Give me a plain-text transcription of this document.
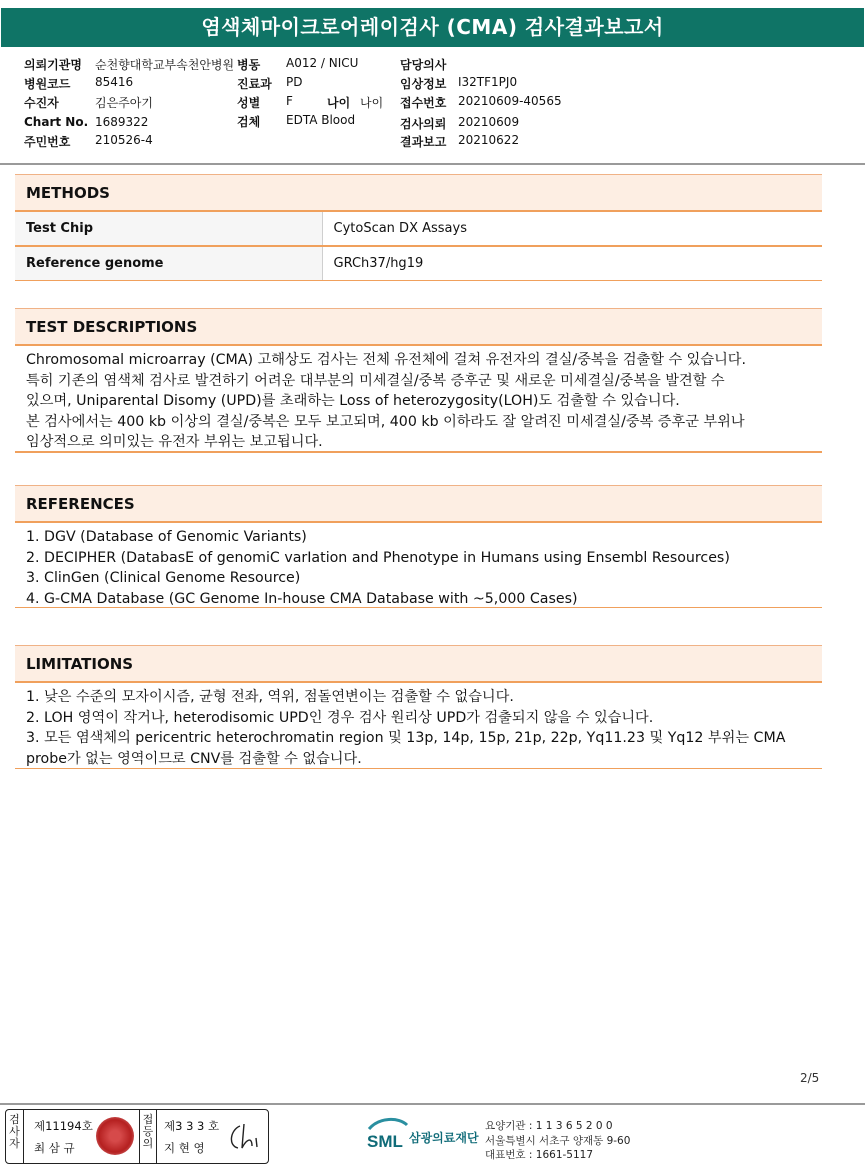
염색체마이크로어레이검사 (CMA) 검사결과보고서
의뢰기관명 순천향대학교부속천안병원
병원코드 85416
수진자	김은주아기
Chart No. 1689322
주민번호 210526-4
병동 A012 / NICU
진료과 PD
성별 F	나이 나이
검체 EDTA Blood
담당의사
임상정보 I32TF1PJ0
접수번호 20210609-40565
검사의뢰 20210609
결과보고 20210622
METHODS
Test Chip	CytoScan DX Assays
Reference genome	GRCh37/hg19
TEST DESCRIPTIONS
Chromosomal microarray (CMA) 고해상도 검사는 전체 유전체에 걸쳐 유전자의 결실/중복을 검출할 수 있습니다.
특히 기존의 염색체 검사로 발견하기 어려운 대부분의 미세결실/중복 증후군 및 새로운 미세결실/중복을 발견할 수
있으며, Uniparental Disomy (UPD)를 초래하는 Loss of heterozygosity(LOH)도 검출할 수 있습니다.
본 검사에서는 400 kb 이상의 결실/중복은 모두 보고되며, 400 kb 이하라도 잘 알려진 미세결실/중복 증후군 부위나
임상적으로 의미있는 유전자 부위는 보고됩니다.
REFERENCES
1. DGV (Database of Genomic Variants)
2. DECIPHER (DatabasE of genomiC varIation and Phenotype in Humans using Ensembl Resources)
3. ClinGen (Clinical Genome Resource)
4. G-CMA Database (GC Genome In-house CMA Database with ~5,000 Cases)
LIMITATIONS
1. 낮은 수준의 모자이시즘, 균형 전좌, 역위, 점돌연변이는 검출할 수 없습니다.
2. LOH 영역이 작거나, heterodisomic UPD인 경우 검사 원리상 UPD가 검출되지 않을 수 있습니다.
3. 모든 염색체의 pericentric heterochromatin region 및 13p, 14p, 15p, 21p, 22p, Yq11.23 및 Yq12 부위는 CMA
probe가 없는 영역이므로 CNV를 검출할 수 없습니다.
2/5
검사자
제11194호
최 삼 규
접등의
제3 3 3 호
지 현 영	SML 삼광의료재단
요양기관 : 1 1 3 6 5 2 0 0
서울특별시 서초구 양재동 9-60
대표번호 : 1661-5117
